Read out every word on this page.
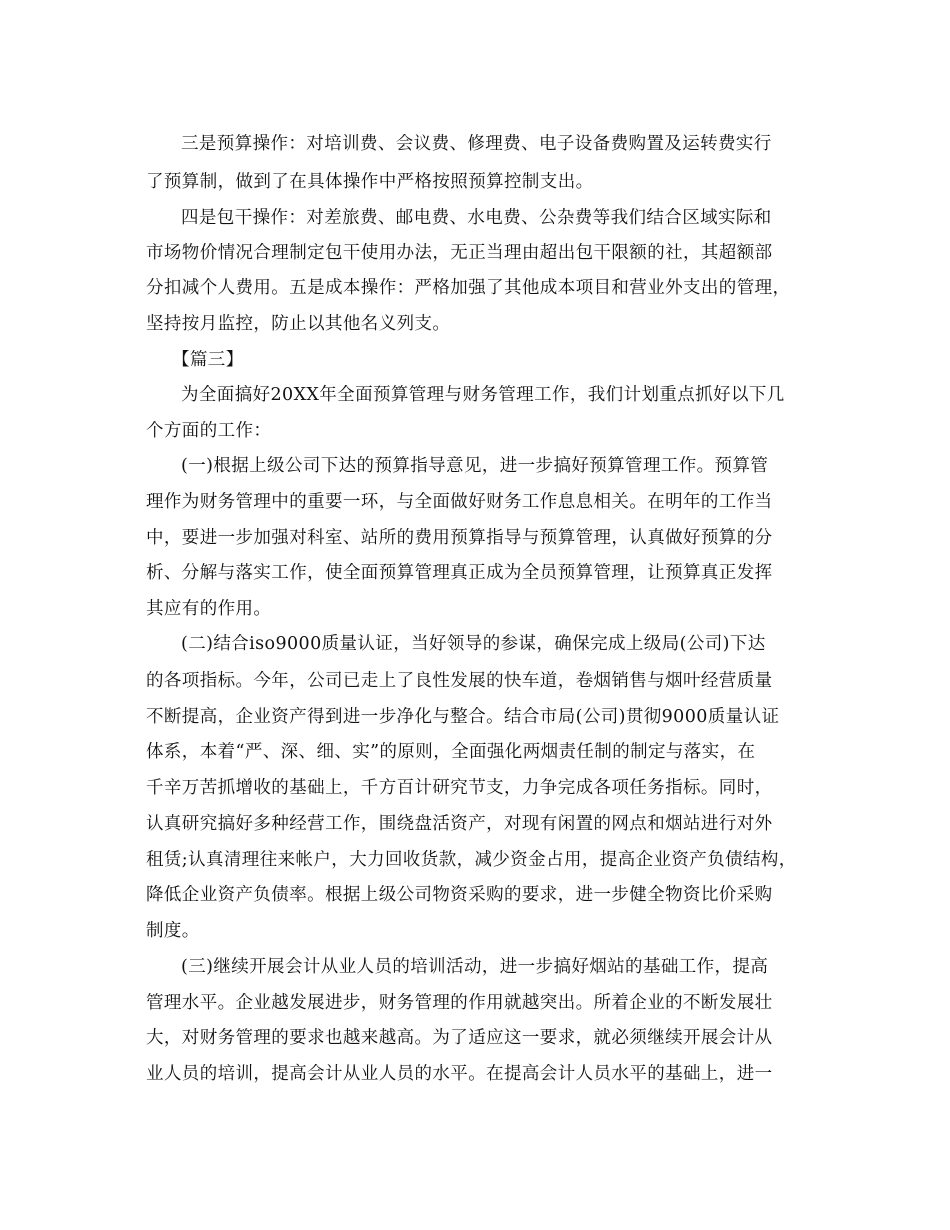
三是预算操作：对培训费、会议费、修理费、电子设备费购置及运转费实行
了预算制，做到了在具体操作中严格按照预算控制支出。
四是包干操作：对差旅费、邮电费、水电费、公杂费等我们结合区域实际和
市场物价情况合理制定包干使用办法，无正当理由超出包干限额的社，其超额部
分扣减个人费用。五是成本操作：严格加强了其他成本项目和营业外支出的管理，
坚持按月监控，防止以其他名义列支。
【篇三】
为全面搞好20XX年全面预算管理与财务管理工作，我们计划重点抓好以下几
个方面的工作：
(一)根据上级公司下达的预算指导意见，进一步搞好预算管理工作。预算管
理作为财务管理中的重要一环，与全面做好财务工作息息相关。在明年的工作当
中，要进一步加强对科室、站所的费用预算指导与预算管理，认真做好预算的分
析、分解与落实工作，使全面预算管理真正成为全员预算管理，让预算真正发挥
其应有的作用。
(二)结合iso9000质量认证，当好领导的参谋，确保完成上级局(公司)下达
的各项指标。今年，公司已走上了良性发展的快车道，卷烟销售与烟叶经营质量
不断提高，企业资产得到进一步净化与整合。结合市局(公司)贯彻9000质量认证
体系，本着“严、深、细、实”的原则，全面强化两烟责任制的制定与落实，在
千辛万苦抓增收的基础上，千方百计研究节支，力争完成各项任务指标。同时，
认真研究搞好多种经营工作，围绕盘活资产，对现有闲置的网点和烟站进行对外
租赁;认真清理往来帐户，大力回收货款，减少资金占用，提高企业资产负债结构，
降低企业资产负债率。根据上级公司物资采购的要求，进一步健全物资比价采购
制度。
(三)继续开展会计从业人员的培训活动，进一步搞好烟站的基础工作，提高
管理水平。企业越发展进步，财务管理的作用就越突出。所着企业的不断发展壮
大，对财务管理的要求也越来越高。为了适应这一要求，就必须继续开展会计从
业人员的培训，提高会计从业人员的水平。在提高会计人员水平的基础上，进一
